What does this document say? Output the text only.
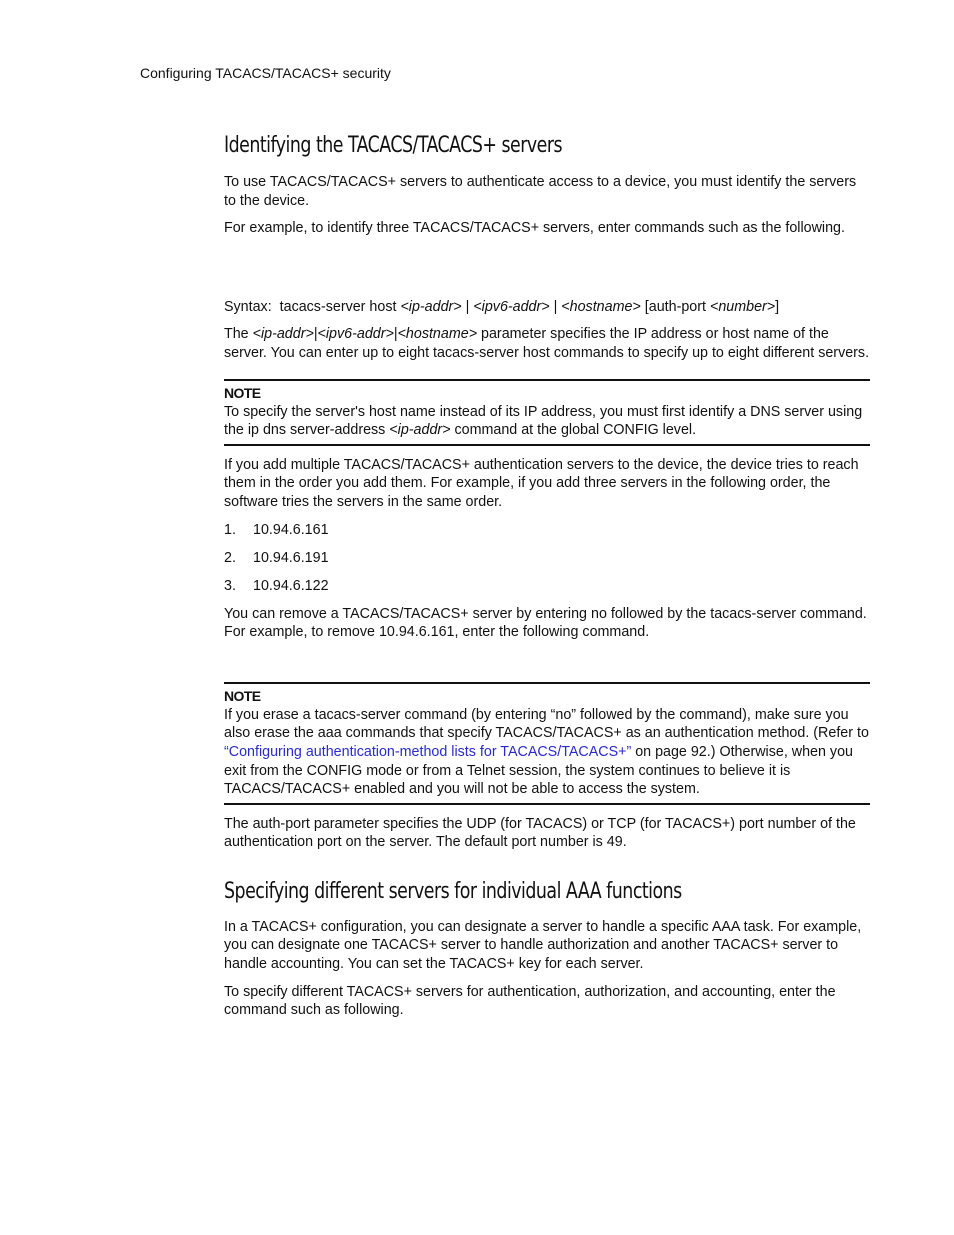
Configuring TACACS/TACACS+ security
Identifying the TACACS/TACACS+ servers

To use TACACS/TACACS+ servers to authenticate access to a device, you must identify the servers to the device.

For example, to identify three TACACS/TACACS+ servers, enter commands such as the following.

Syntax: tacacs-server host <ip-addr> | <ipv6-addr> | <hostname> [auth-port <number>]

The <ip-addr>|<ipv6-addr>|<hostname> parameter specifies the IP address or host name of the server. You can enter up to eight tacacs-server host commands to specify up to eight different servers.

NOTE

To specify the server's host name instead of its IP address, you must first identify a DNS server using the ip dns server-address <ip-addr> command at the global CONFIG level.

If you add multiple TACACS/TACACS+ authentication servers to the device, the device tries to reach them in the order you add them. For example, if you add three servers in the following order, the software tries the servers in the same order.

1.	10.94.6.161
2.	10.94.6.191
3.	10.94.6.122

You can remove a TACACS/TACACS+ server by entering no followed by the tacacs-server command. For example, to remove 10.94.6.161, enter the following command.

NOTE

If you erase a tacacs-server command (by entering “no” followed by the command), make sure you also erase the aaa commands that specify TACACS/TACACS+ as an authentication method. (Refer to “Configuring authentication-method lists for TACACS/TACACS+” on page 92.) Otherwise, when you exit from the CONFIG mode or from a Telnet session, the system continues to believe it is TACACS/TACACS+ enabled and you will not be able to access the system.

The auth-port parameter specifies the UDP (for TACACS) or TCP (for TACACS+) port number of the authentication port on the server. The default port number is 49.

Specifying different servers for individual AAA functions

In a TACACS+ configuration, you can designate a server to handle a specific AAA task. For example, you can designate one TACACS+ server to handle authorization and another TACACS+ server to handle accounting. You can set the TACACS+ key for each server.

To specify different TACACS+ servers for authentication, authorization, and accounting, enter the command such as following.
